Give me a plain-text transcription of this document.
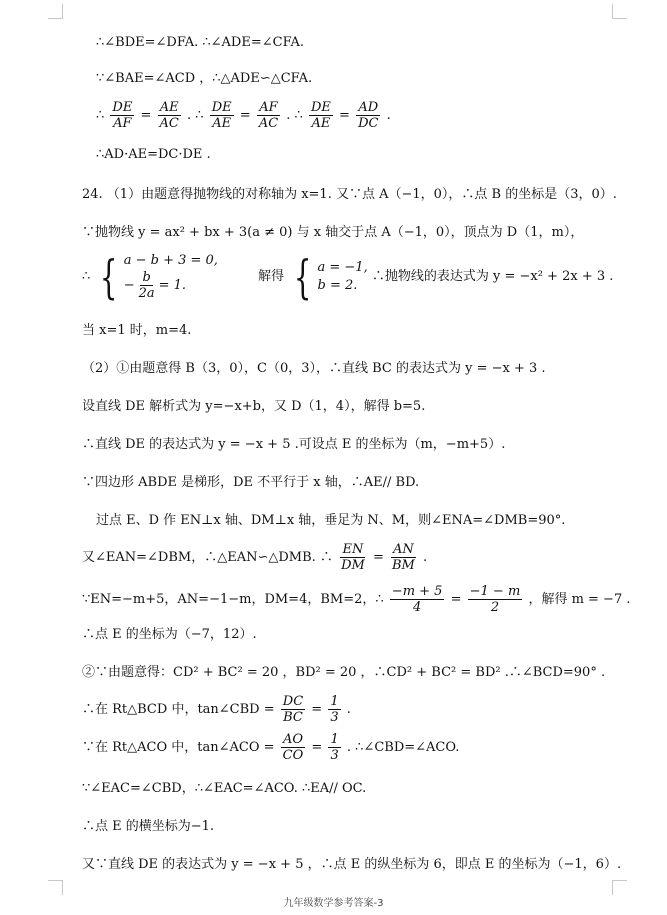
∴∠BDE=∠DFA. ∴∠ADE=∠CFA.
∵∠BAE=∠ACD ，∴△ADE∽△CFA.
∴ $\frac{DE}{AF} = \frac{AE}{AC}$ . ∴ $\frac{DE}{AE} = \frac{AF}{AC}$ . ∴ $\frac{DE}{AE} = \frac{AD}{DC}$ .
∴AD·AE=DC·DE .
24. （1）由题意得抛物线的对称轴为 x=1. 又∵点 A（−1，0），∴点 B 的坐标是（3，0）.
∵抛物线 y = ax² + bx + 3(a ≠ 0) 与 x 轴交于点 A（−1，0），顶点为 D（1，m），
∴ { a − b + 3 = 0,
− $\frac{b}{2a} = 1$.
解得 { a = −1,
b = 2.
∴抛物线的表达式为 y = −x² + 2x + 3 .
当 x=1 时，m=4.
（2）①由题意得 B（3，0），C（0，3），∴直线 BC 的表达式为 y = −x + 3 .
设直线 DE 解析式为 y=−x+b，又 D（1，4），解得 b=5.
∴直线 DE 的表达式为 y = −x + 5 .可设点 E 的坐标为（m，−m+5）.
∵四边形 ABDE 是梯形，DE 不平行于 x 轴，∴AE// BD.
过点 E、D 作 EN⊥x 轴、DM⊥x 轴，垂足为 N、M，则∠ENA=∠DMB=90°.
又∠EAN=∠DBM，∴△EAN∽△DMB. ∴ $\frac{EN}{DM} = \frac{AN}{BM}$ .
∵EN=−m+5，AN=−1−m，DM=4，BM=2，∴ $\frac{-m + 5}{4} = \frac{-1 - m}{2}$ ，解得 m = −7 .
∴点 E 的坐标为（−7，12）.
②∵由题意得：CD² + BC² = 20 ，BD² = 20 ，∴CD² + BC² = BD² .∴∠BCD=90° .
∴在 Rt△BCD 中，tan∠CBD = $\frac{DC}{BC} = \frac{1}{3}$ .
∵在 Rt△ACO 中，tan∠ACO = $\frac{AO}{CO} = \frac{1}{3}$ . ∴∠CBD=∠ACO.
∵∠EAC=∠CBD，∴∠EAC=∠ACO. ∴EA// OC.
∴点 E 的横坐标为−1.
又∵直线 DE 的表达式为 y = −x + 5 ，∴点 E 的纵坐标为 6，即点 E 的坐标为（−1，6）.
九年级数学参考答案-3
